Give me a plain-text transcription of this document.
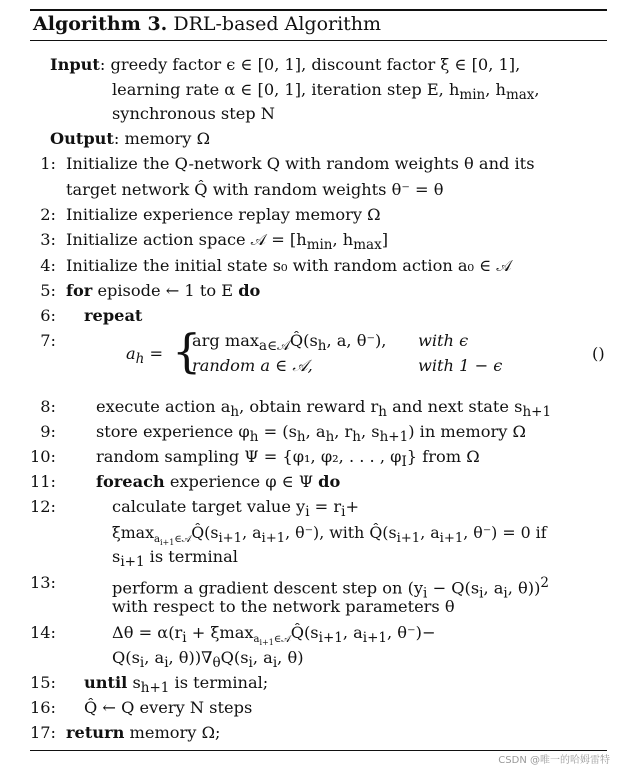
Algorithm 3. DRL-based Algorithm
Input: greedy factor ϵ ∈ [0, 1], discount factor ξ ∈ [0, 1],
learning rate α ∈ [0, 1], iteration step E, $h_{min}$, $h_{max}$,
synchronous step N
Output: memory Ω
1: Initialize the Q-network Q with random weights θ and its
target network Q̂ with random weights θ⁻ = θ
2: Initialize experience replay memory Ω
3: Initialize action space 𝒜 = [$h_{min}$, $h_{max}$]
4: Initialize the initial state s₀ with random action a₀ ∈ 𝒜
5: for episode ← 1 to E do
6: repeat
7:
$a_h$ = {
arg $\max_{a\in 𝒜}Q̂(s_h$, a, θ⁻), with ϵ
random a ∈ 𝒜,	with 1 − ϵ
()
8: execute action $a_h$, obtain reward $r_h$ and next state $s_{h+1}$
9: store experience $\varphi_h = (s_h$, $a_h$, $r_h$, $s_{h+1}$) in memory Ω
10: random sampling Ψ = {φ₁, φ₂, . . . , $\varphi_I$} from Ω
11: foreach experience φ ∈ Ψ do
12:	calculate target value $y_i = r_i+$
$\xi\max_{a_{i+1}\in 𝒜}Q̂(s_{i+1}$, $a_{i+1}$, θ⁻), with $Q̂(s_{i+1}$, $a_{i+1}$, θ⁻) = 0 if
$s_{i+1}$ is terminal
13:	perform a gradient descent step on ($y_i - Q(s_i$, $a_i$, θ))$^2$
with respect to the network parameters θ
14:	$\Delta\theta = \alpha(r_i$ + $\xi\max_{a_{i+1}\in 𝒜}Q̂(s_{i+1}$, $a_{i+1}$, θ⁻)−
$Q(s_i$, $a_i$, $\theta))\nabla_\theta Q(s_i$, $a_i$, θ)
15: until $s_{h+1}$ is terminal;
16: Q̂ ← Q every N steps
17: return memory Ω;
CSDN @唯一的哈姆雷特
